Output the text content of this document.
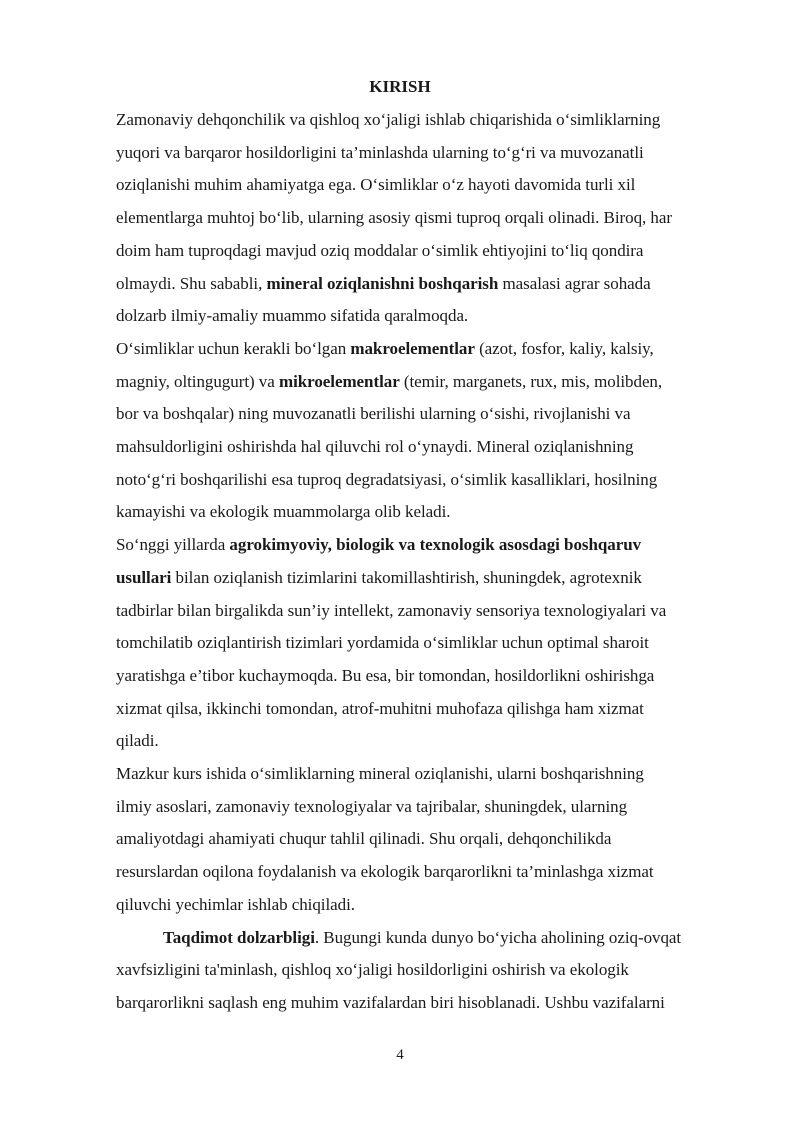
KIRISH

Zamonaviy dehqonchilik va qishloq xo‘jaligi ishlab chiqarishida o‘simliklarning
yuqori va barqaror hosildorligini ta’minlashda ularning to‘g‘ri va muvozanatli
oziqlanishi muhim ahamiyatga ega. O‘simliklar o‘z hayoti davomida turli xil
elementlarga muhtoj bo‘lib, ularning asosiy qismi tuproq orqali olinadi. Biroq, har
doim ham tuproqdagi mavjud oziq moddalar o‘simlik ehtiyojini to‘liq qondira
olmaydi. Shu sababli, mineral oziqlanishni boshqarish masalasi agrar sohada
dolzarb ilmiy-amaliy muammo sifatida qaralmoqda.

O‘simliklar uchun kerakli bo‘lgan makroelementlar (azot, fosfor, kaliy, kalsiy,
magniy, oltingugurt) va mikroelementlar (temir, marganets, rux, mis, molibden,
bor va boshqalar) ning muvozanatli berilishi ularning o‘sishi, rivojlanishi va
mahsuldorligini oshirishda hal qiluvchi rol o‘ynaydi. Mineral oziqlanishning
noto‘g‘ri boshqarilishi esa tuproq degradatsiyasi, o‘simlik kasalliklari, hosilning
kamayishi va ekologik muammolarga olib keladi.

So‘nggi yillarda agrokimyoviy, biologik va texnologik asosdagi boshqaruv
usullari bilan oziqlanish tizimlarini takomillashtirish, shuningdek, agrotexnik
tadbirlar bilan birgalikda sun’iy intellekt, zamonaviy sensoriya texnologiyalari va
tomchilatib oziqlantirish tizimlari yordamida o‘simliklar uchun optimal sharoit
yaratishga e’tibor kuchaymoqda. Bu esa, bir tomondan, hosildorlikni oshirishga
xizmat qilsa, ikkinchi tomondan, atrof-muhitni muhofaza qilishga ham xizmat
qiladi.

Mazkur kurs ishida o‘simliklarning mineral oziqlanishi, ularni boshqarishning
ilmiy asoslari, zamonaviy texnologiyalar va tajribalar, shuningdek, ularning
amaliyotdagi ahamiyati chuqur tahlil qilinadi. Shu orqali, dehqonchilikda
resurslardan oqilona foydalanish va ekologik barqarorlikni ta’minlashga xizmat
qiluvchi yechimlar ishlab chiqiladi.

Taqdimot dolzarbligi. Bugungi kunda dunyo bo‘yicha aholining oziq-ovqat
xavfsizligini ta'minlash, qishloq xo‘jaligi hosildorligini oshirish va ekologik
barqarorlikni saqlash eng muhim vazifalardan biri hisoblanadi. Ushbu vazifalarni

4
